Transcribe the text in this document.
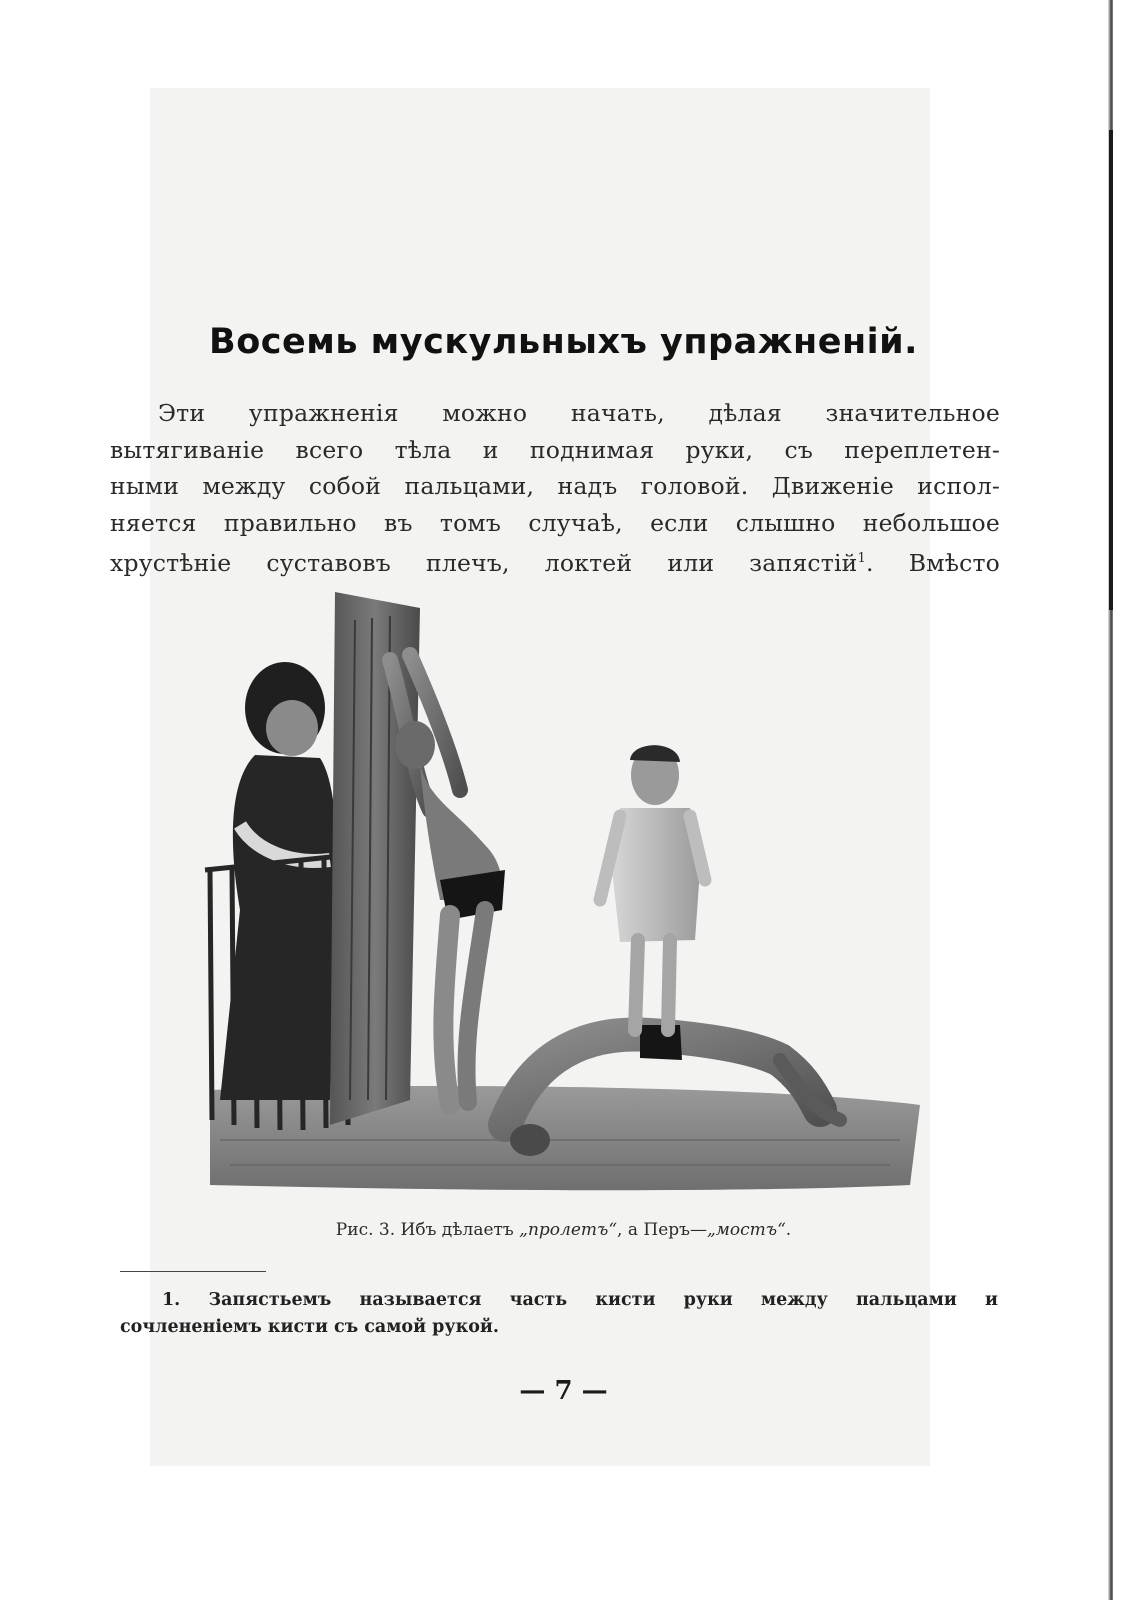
Восемь мускульныхъ упражненій.

Эти упражненія можно начать, дѣлая значительное
вытягиваніе всего тѣла и поднимая руки, съ переплетен-
ными между собой пальцами, надъ головой. Движеніе испол-
няется правильно въ томъ случаѣ, если слышно небольшое
хрустѣніе суставовъ плечъ, локтей или запястій$^1$. Вмѣсто

Рис. 3. Ибъ дѣлаетъ „пролетъ“, а Перъ—„мостъ“.

1. Запястьемъ называется часть кисти руки между пальцами и
сочлененіемъ кисти съ самой рукой.

— 7 —
